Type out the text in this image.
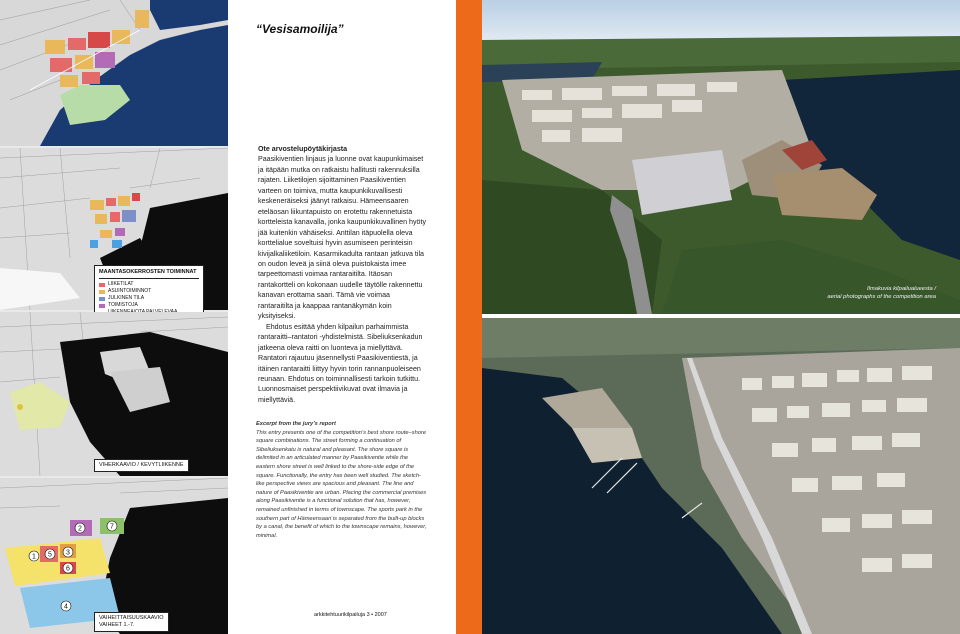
MAANTASOKERROSTEN TOIMINNAT
LIIKETILAT
ASUINTOIMINNOT
JULKINEN TILA
TOIMISTOJA
VIHERKAAVIO / KEVYTLIIKENNE
1
2
3
4
5
6
7
VAIHEITTAISUUSKAAVIO
VAIHEET 1.-7.
“Vesisamoilija”
Ote arvostelupöytäkirjasta

Paasikiventien linjaus ja luonne ovat kaupunkimaiset ja itäpään mutka on ratkaistu hallitusti rakennuksilla rajaten. Liiketilojen sijoittaminen Paasikiventien varteen on toimiva, mutta kaupunkikuvallisesti keskeneräiseksi jäänyt ratkaisu. Hämeensaaren eteläosan liikuntapuisto on erotettu rakennetuista kortteleista kanavalla, jonka kaupunkikuvallinen hyöty jää kuitenkin vähäiseksi. Anttilan itäpuolella oleva korttelialue soveltuisi hyvin asumiseen perinteisin kivijalkaliiketiloin. Kasarmikadulta rantaan jatkuva tila on oudon leveä ja siinä oleva puistokaista imee tarpeettomasti voimaa rantaraitilta. Itäosan rantakortteli on kokonaan uudelle täytölle rakennettu kanavan erottama saari. Tämä vie voimaa rantaraitilta ja kaappaa rantanäkymän koin yksityiseksi.

Ehdotus esittää yhden kilpailun parhaimmista rantaraitti–rantatori -yhdistelmistä. Sibeliuksenkadun jatkeena oleva raitti on luonteva ja miellyttävä. Rantatori rajautuu jäsennellysti Paasikiventiestä, ja itäinen rantaraitti liittyy hyvin torin rannanpuoleiseen reunaan. Ehdotus on toiminnallisesti tarkoin tutkittu. Luonnosmaiset perspektiivikuvat ovat ilmavia ja miellyttäviä.

Excerpt from the jury’s report

This entry presents one of the competition’s best shore route–shore square combinations. The street forming a continuation of Sibeliuksenkatu is natural and pleasant. The shore square is delimited in an articulated manner by Paasikiventie while the eastern shore street is well linked to the shore-side edge of the square. Functionally, the entry has been well studied. The sketch-like perspective views are spacious and pleasant. The line and nature of Paasikiventie are urban. Placing the commercial premises along Paasikiventie is a functional solution that has, however, remained unfinished in terms of townscape. The sports park in the southern part of Hämeensaari is separated from the built-up blocks by a canal, the benefit of which to the townscape remains, however, minimal.

arkkitehtuurikilpailuja 3 • 2007
Ilmakuvia kilpailualueesta /
aerial photographs of the competition area
